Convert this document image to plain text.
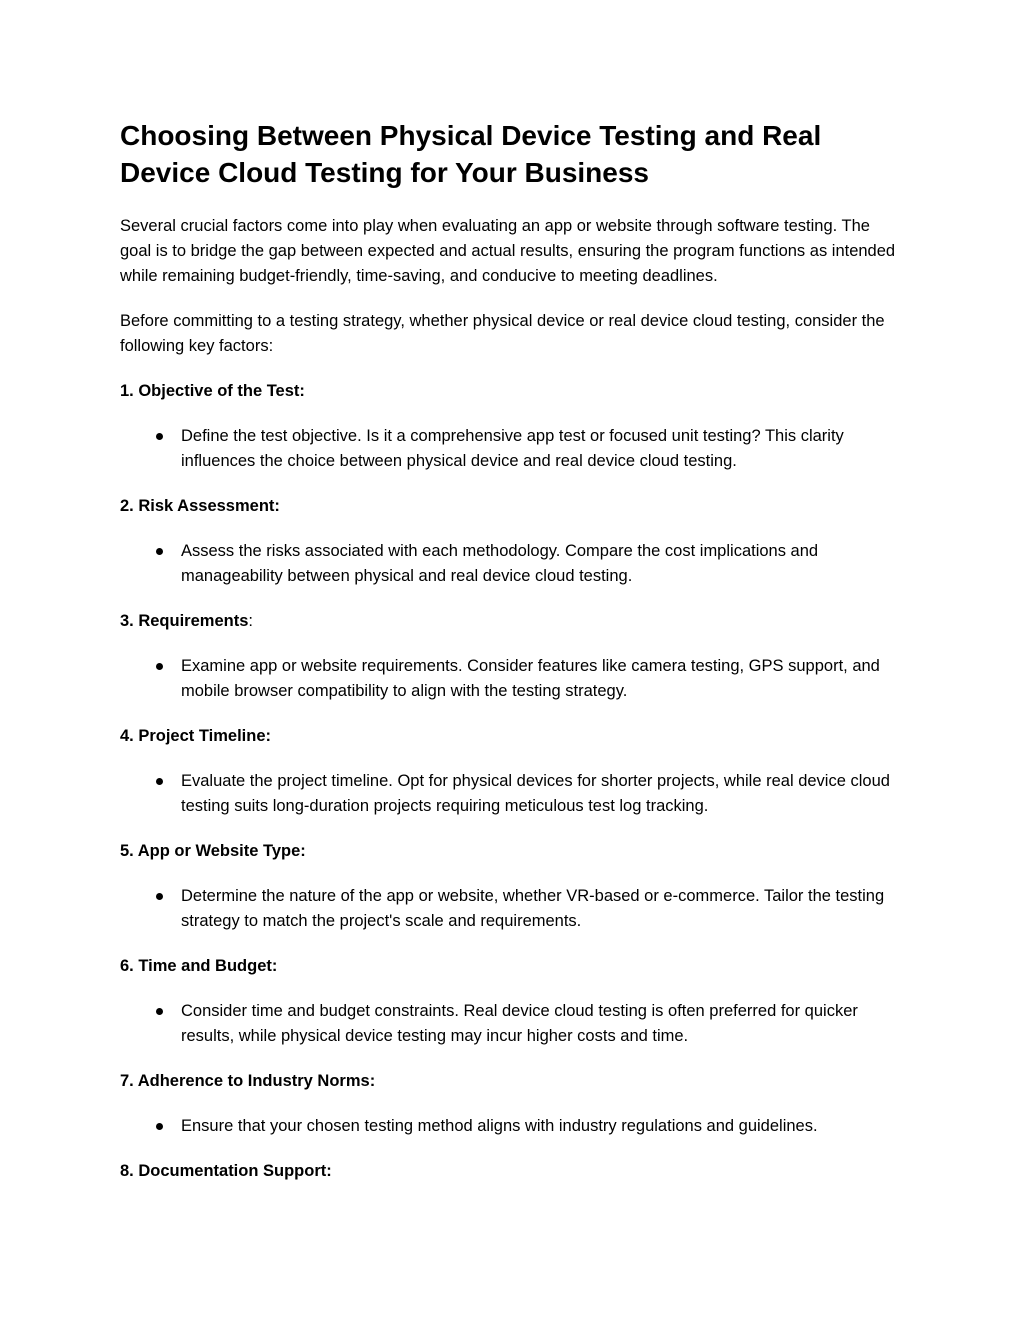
Choosing Between Physical Device Testing and Real Device Cloud Testing for Your Business

Several crucial factors come into play when evaluating an app or website through software testing. The goal is to bridge the gap between expected and actual results, ensuring the program functions as intended while remaining budget-friendly, time-saving, and conducive to meeting deadlines.

Before committing to a testing strategy, whether physical device or real device cloud testing, consider the following key factors:

1. Objective of the Test:
Define the test objective. Is it a comprehensive app test or focused unit testing? This clarity influences the choice between physical device and real device cloud testing.
2. Risk Assessment:
Assess the risks associated with each methodology. Compare the cost implications and manageability between physical and real device cloud testing.
3. Requirements:
Examine app or website requirements. Consider features like camera testing, GPS support, and mobile browser compatibility to align with the testing strategy.
4. Project Timeline:
Evaluate the project timeline. Opt for physical devices for shorter projects, while real device cloud testing suits long-duration projects requiring meticulous test log tracking.
5. App or Website Type:
Determine the nature of the app or website, whether VR-based or e-commerce. Tailor the testing strategy to match the project's scale and requirements.
6. Time and Budget:
Consider time and budget constraints. Real device cloud testing is often preferred for quicker results, while physical device testing may incur higher costs and time.
7. Adherence to Industry Norms:
Ensure that your chosen testing method aligns with industry regulations and guidelines.
8. Documentation Support:
